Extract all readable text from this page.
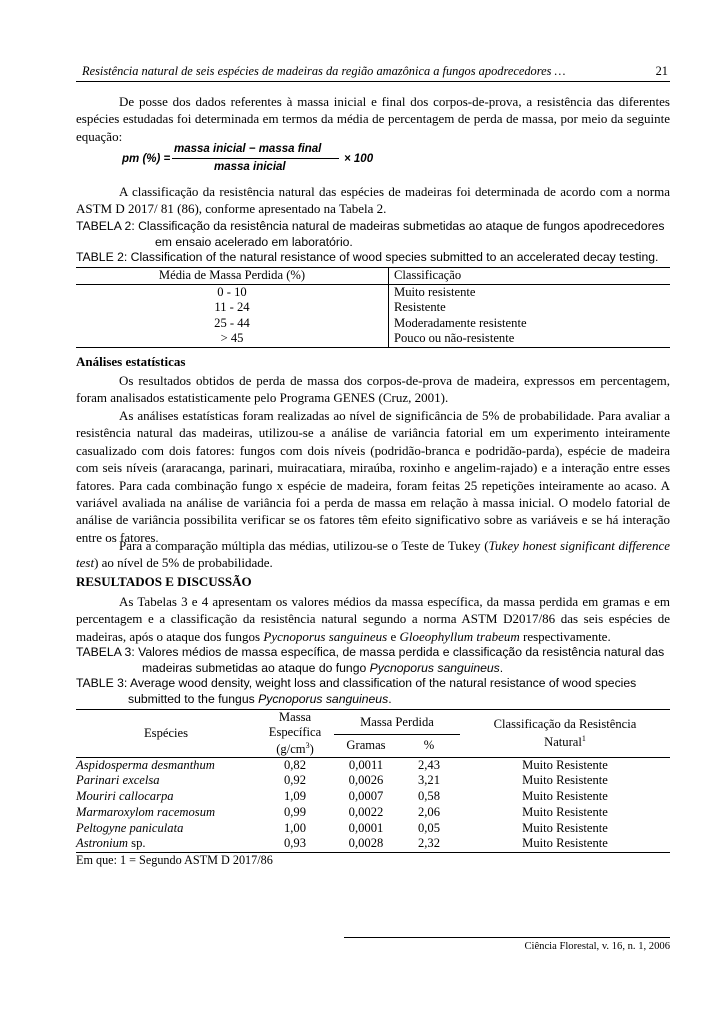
Resistência natural de seis espécies de madeiras da região amazônica a fungos apodrecedores …	21

De posse dos dados referentes à massa inicial e final dos corpos-de-prova, a resistência das diferentes espécies estudadas foi determinada em termos da média de percentagem de perda de massa, por meio da seguinte equação:

pm (%) =
massa inicial − massa final
massa inicial
× 100

A classificação da resistência natural das espécies de madeiras foi determinada de acordo com a norma ASTM D 2017/ 81 (86), conforme apresentado na Tabela 2.

TABELA 2: Classificação da resistência natural de madeiras submetidas ao ataque de fungos apodrecedores
em ensaio acelerado em laboratório.
TABLE 2: Classification of the natural resistance of wood species submitted to an accelerated decay testing.
Média de Massa Perdida (%)	Classificação
0 - 10	Muito resistente
11 - 24	Resistente
25 - 44	Moderadamente resistente
> 45	Pouco ou não-resistente
Análises estatísticas

Os resultados obtidos de perda de massa dos corpos-de-prova de madeira, expressos em percentagem, foram analisados estatisticamente pelo Programa GENES (Cruz, 2001).

As análises estatísticas foram realizadas ao nível de significância de 5% de probabilidade. Para avaliar a resistência natural das madeiras, utilizou-se a análise de variância fatorial em um experimento inteiramente casualizado com dois fatores: fungos com dois níveis (podridão-branca e podridão-parda), espécie de madeira com seis níveis (araracanga, parinari, muiracatiara, miraúba, roxinho e angelim-rajado) e a interação entre esses fatores. Para cada combinação fungo x espécie de madeira, foram feitas 25 repetições inteiramente ao acaso. A variável avaliada na análise de variância foi a perda de massa em relação à massa inicial. O modelo fatorial de análise de variância possibilita verificar se os fatores têm efeito significativo sobre as variáveis e se há interação entre os fatores.

Para a comparação múltipla das médias, utilizou-se o Teste de Tukey (Tukey honest significant difference test) ao nível de 5% de probabilidade.

RESULTADOS E DISCUSSÃO

As Tabelas 3 e 4 apresentam os valores médios da massa específica, da massa perdida em gramas e em percentagem e a classificação da resistência natural segundo a norma ASTM D2017/86 das seis espécies de madeiras, após o ataque dos fungos Pycnoporus sanguineus e Gloeophyllum trabeum respectivamente.

TABELA 3: Valores médios de massa específica, de massa perdida e classificação da resistência natural das
madeiras submetidas ao ataque do fungo Pycnoporus sanguineus.
TABLE 3: Average wood density, weight loss and classification of the natural resistance of wood species
submitted to the fungus Pycnoporus sanguineus.
Espécies	Massa
Específica
$(g/cm^3)$	Massa Perdida		Classificação da Resistência
Natural$^1$
		Gramas	%	
Aspidosperma desmanthum	0,82	0,0011	2,43	Muito Resistente
Parinari excelsa	0,92	0,0026	3,21	Muito Resistente
Mouriri callocarpa	1,09	0,0007	0,58	Muito Resistente
Marmaroxylom racemosum	0,99	0,0022	2,06	Muito Resistente
Peltogyne paniculata	1,00	0,0001	0,05	Muito Resistente
Astronium sp.	0,93	0,0028	2,32	Muito Resistente
Em que: 1 = Segundo ASTM D 2017/86
Ciência Florestal, v. 16, n. 1, 2006
